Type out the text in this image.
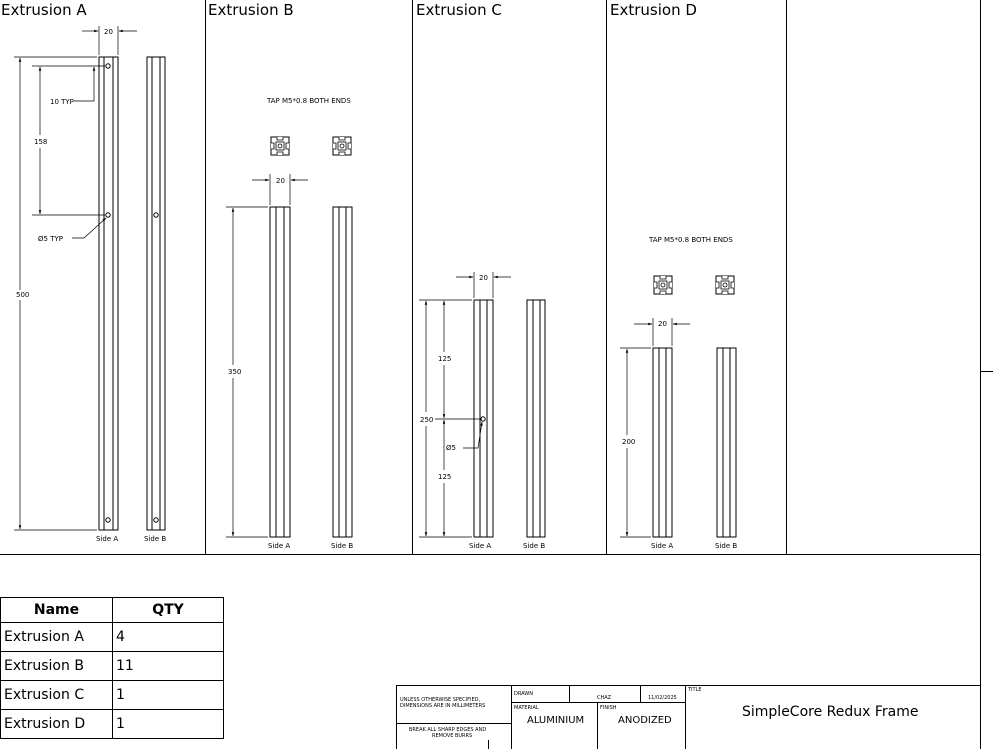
Extrusion A	Extrusion B	Extrusion C	Extrusion D
20
10 TYP
158
Ø5 TYP
500
Side A	Side B
TAP M5*0.8 BOTH ENDS
20
350
Side A	Side B
20
125
250
Ø5
125
Side A	Side B
TAP M5*0.8 BOTH ENDS
20
200
Side A	Side B
Name	QTY
Extrusion A	4
Extrusion B	11
Extrusion C	1
Extrusion D	1
UNLESS OTHERWISE SPECIFIED,
DIMENSIONS ARE IN MILLIMETERS
BREAK ALL SHARP EDGES AND
REMOVE BURRS
DRAWN
CHAZ	11/02/2025
MATERIAL
ALUMINIUM
FINISH
ANODIZED
TITLE
SimpleCore Redux Frame
